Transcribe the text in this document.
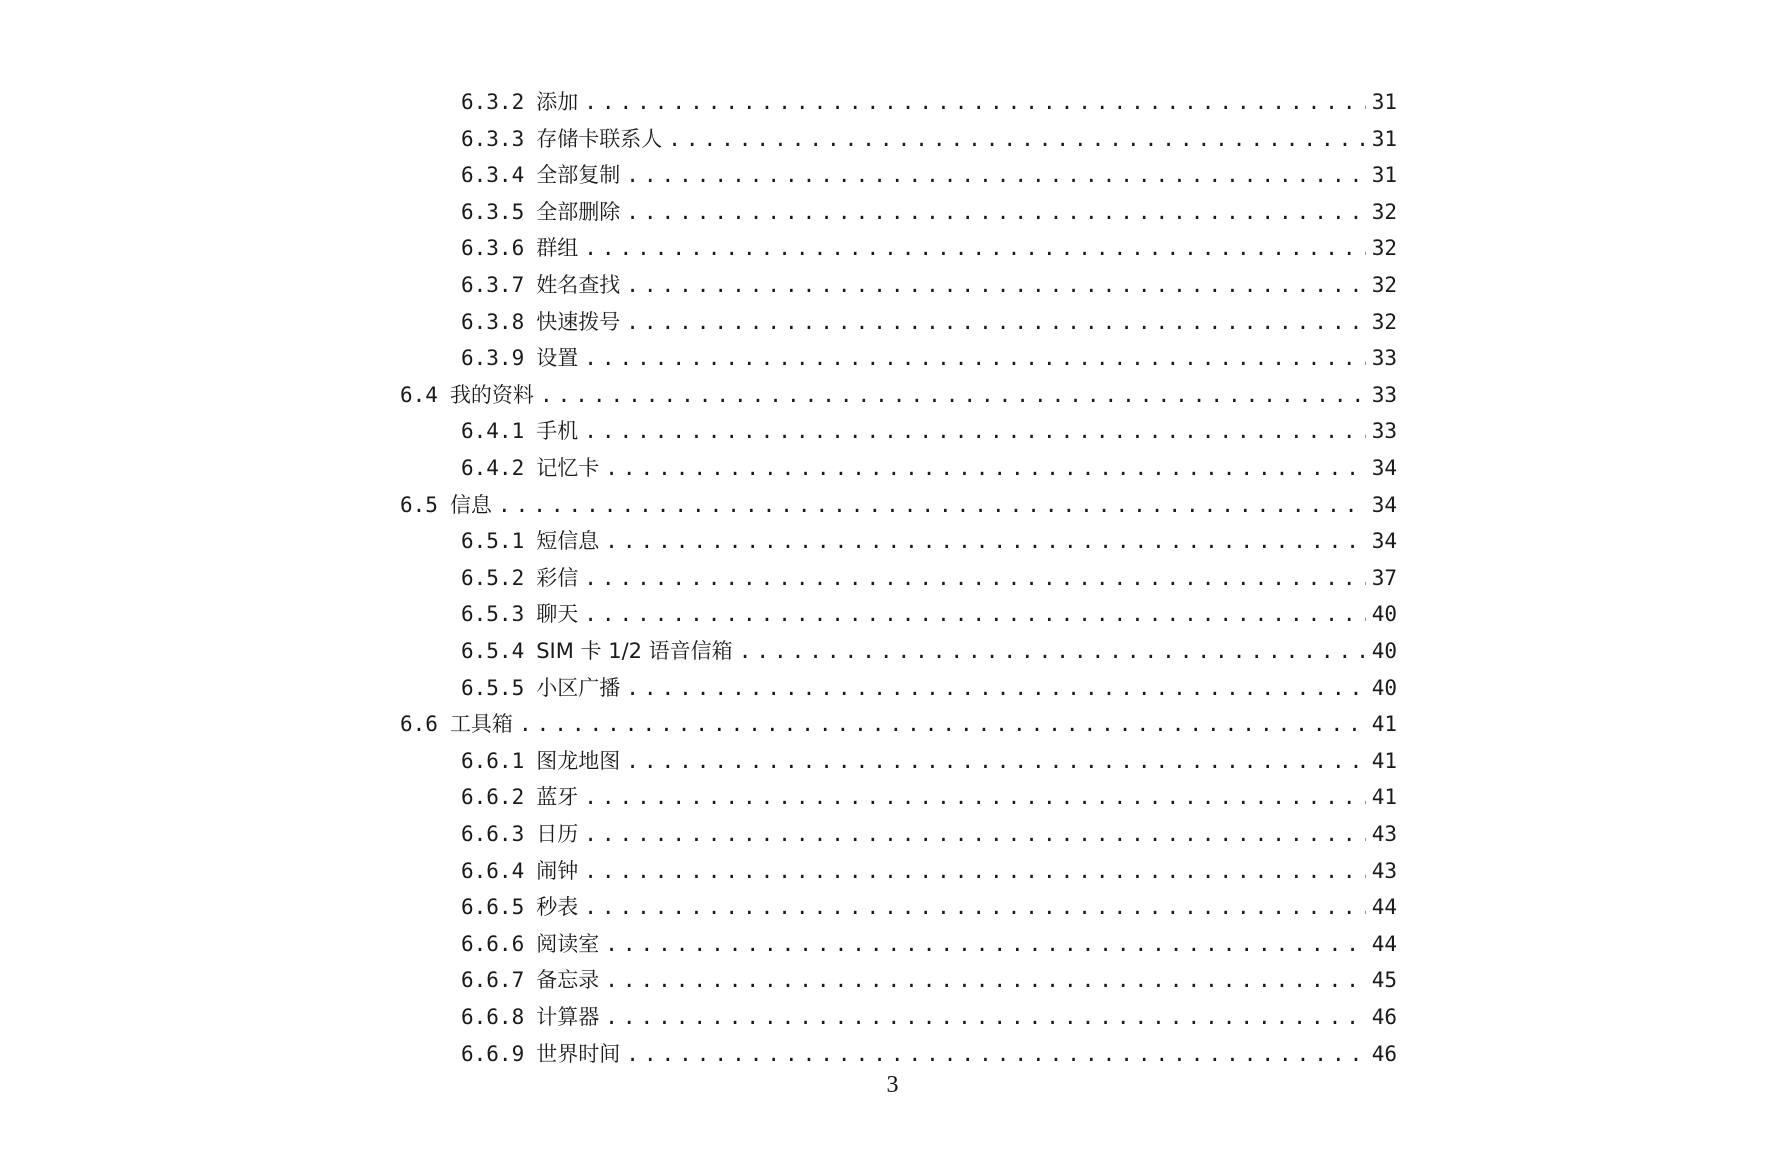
6.3.2 添加 .....	31
6.3.3 存储卡联系人 .....	31
6.3.4 全部复制 .....	31
6.3.5 全部删除 .....	32
6.3.6 群组 .....	32
6.3.7 姓名查找 .....	32
6.3.8 快速拨号 .....	32
6.3.9 设置 .....	33
6.4 我的资料 .....	33
6.4.1 手机 .....	33
6.4.2 记忆卡 .....	34
6.5 信息 .....	34
6.5.1 短信息 .....	34
6.5.2 彩信 .....	37
6.5.3 聊天 .....	40
6.5.4 SIM 卡 1/2 语音信箱 .....	40
6.5.5 小区广播 .....	40
6.6 工具箱 .....	41
6.6.1 图龙地图 .....	41
6.6.2 蓝牙 .....	41
6.6.3 日历 .....	43
6.6.4 闹钟 .....	43
6.6.5 秒表 .....	44
6.6.6 阅读室 .....	44
6.6.7 备忘录 .....	45
6.6.8 计算器 .....	46
6.6.9 世界时间 .....	46
3
